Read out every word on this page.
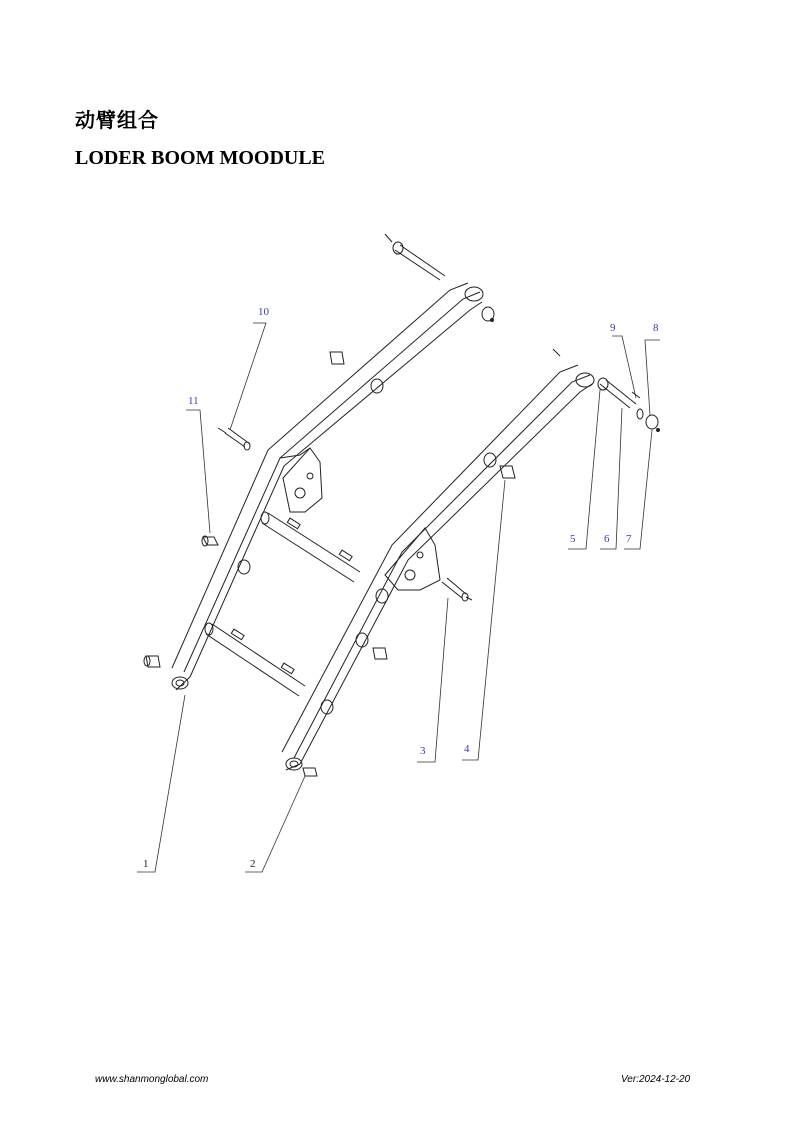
动臂组合
LODER BOOM MOODULE
1	2
3	4
5	6 7
8
9
10
11
www.shanmonglobal.com	Ver:2024-12-20
